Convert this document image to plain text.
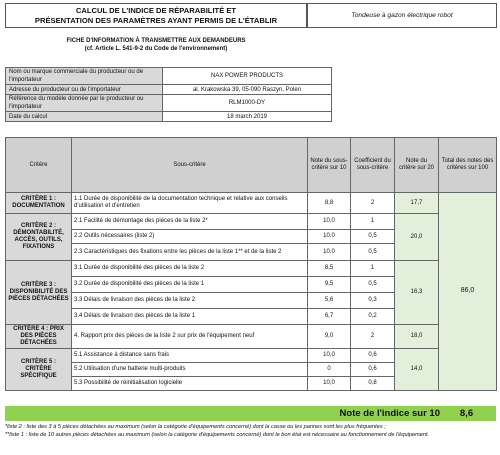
CALCUL DE L'INDICE DE RÉPARABILITÉ ET
PRÉSENTATION DES PARAMÈTRES AYANT PERMIS DE L'ÉTABLIR	Tondeuse à gazon électrique robot
FICHE D'INFORMATION À TRANSMETTRE AUX DEMANDEURS
(cf. Article L. 541-9-2 du Code de l'environnement)
Nom ou marque commerciale du producteur ou de l'importateur	NAX POWER PRODUCTS
Adresse du producteur ou de l'importateur	al. Krakowska 39, 05-090 Raszyn, Polen
Référence du modèle donnée par le producteur ou l'importateur	RLM1000-DY
Date du calcul	18 march 2019
Critère	Sous-critère	Note du sous-critère sur 10	Coefficient du sous-critère	Note du critère sur 20	Total des notes des critères sur 100
CRITÈRE 1 : DOCUMENTATION	1.1 Durée de disponibilité de la documentation technique et relative aux conseils d'utilisation et d'entretien	8,8	2	17,7	86,0
CRITÈRE 2 : DÉMONTABILITÉ, ACCÈS, OUTILS, FIXATIONS	2.1 Facilité de démontage des pièces de la liste 2*	10,0	1	20,0	
	2.2 Outils nécessaires (liste 2)	10,0	0,5		
	2.3 Caractéristiques des fixations entre les pièces de la liste 1** et de la liste 2	10,0	0,5		
CRITÈRE 3 : DISPONIBILITÉ DES PIÈCES DÉTACHÉES	3.1 Durée de disponibilité des pièces de la liste 2	8,5	1	16,3	
	3.2 Durée de disponibilité des pièces de la liste 1	9,5	0,5		
	3.3 Délais de livraison des pièces de la liste 2	5,6	0,3		
	3.4 Délais de livraison des pièces de la liste 1	6,7	0,2		
CRITÈRE 4 : PRIX DES PIÈCES DÉTACHÉES	4. Rapport prix des pièces de la liste 2 sur prix de l'équipement neuf	9,0	2	18,0	
CRITÈRE 5 : CRITÈRE SPÉCIFIQUE	5.1 Assistance à distance sans frais	10,0	0,6	14,0	
	5.2 Utilisation d'une batterie multi-produits	0	0,6		
	5.3 Possibilité de réinitialisation logicielle	10,0	0,8		
Note de l'indice sur 10	8,6
*liste 2 : liste des 3 à 5 pièces détachées au maximum (selon la catégorie d'équipements concerné) dont la casse ou les pannes sont les plus fréquentes ;
**liste 1 : liste de 10 autres pièces détachées au maximum (selon la catégorie d'équipements concerné) dont le bon état est nécessaire au fonctionnement de l'équipement.
